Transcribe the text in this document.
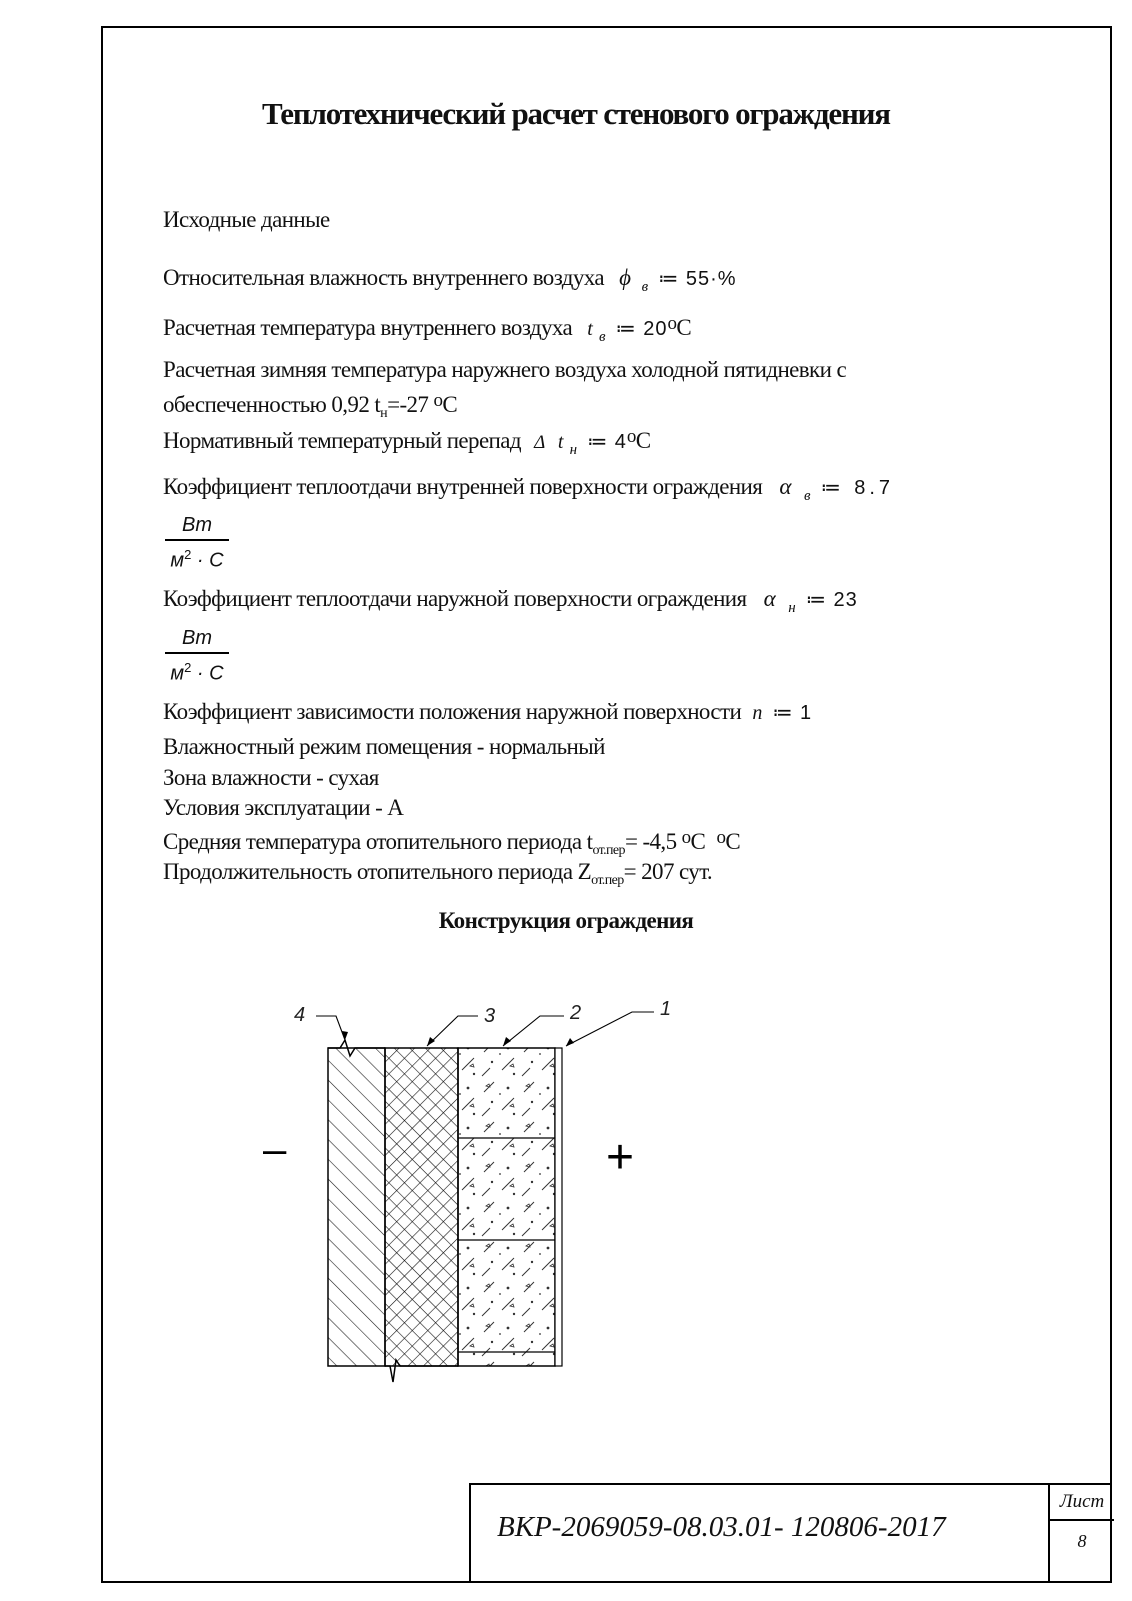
Теплотехнический расчет стенового ограждения
Исходные данные
Относительная влажность внутреннего воздуха ϕ $_в$ ≔ 55·%
Расчетная температура внутреннего воздуха t $_в$ ≔ $20^оС$
Расчетная зимняя температура наружнего воздуха холодной пятидневки с
обеспеченностью 0,92 $t_н=-27$ $^о$С
Нормативный температурный перепад Δ t $_н$ ≔ $4^оС$
Коэффициент теплоотдачи внутренней поверхности ограждения α $_в$ ≔ 8.7
Вт
$м^2 \cdot С$
Коэффициент теплоотдачи наружной поверхности ограждения α $_н$ ≔ 23
Вт
$м^2 \cdot С$
Коэффициент зависимости положения наружной поверхности n ≔ 1
Влажностный режим помещения - нормальный
Зона влажности - сухая
Условия эксплуатации - А
Средняя температура отопительного периода $t_{от.пер}= -4,5$ $^о$С $^о$С
Продолжительность отопительного периода $Z_{от.пер}= 207$ сут.
Конструкция ограждения
4	3	2	1
–	+
ВКР-2069059-08.03.01- 120806-2017
Лист
8
